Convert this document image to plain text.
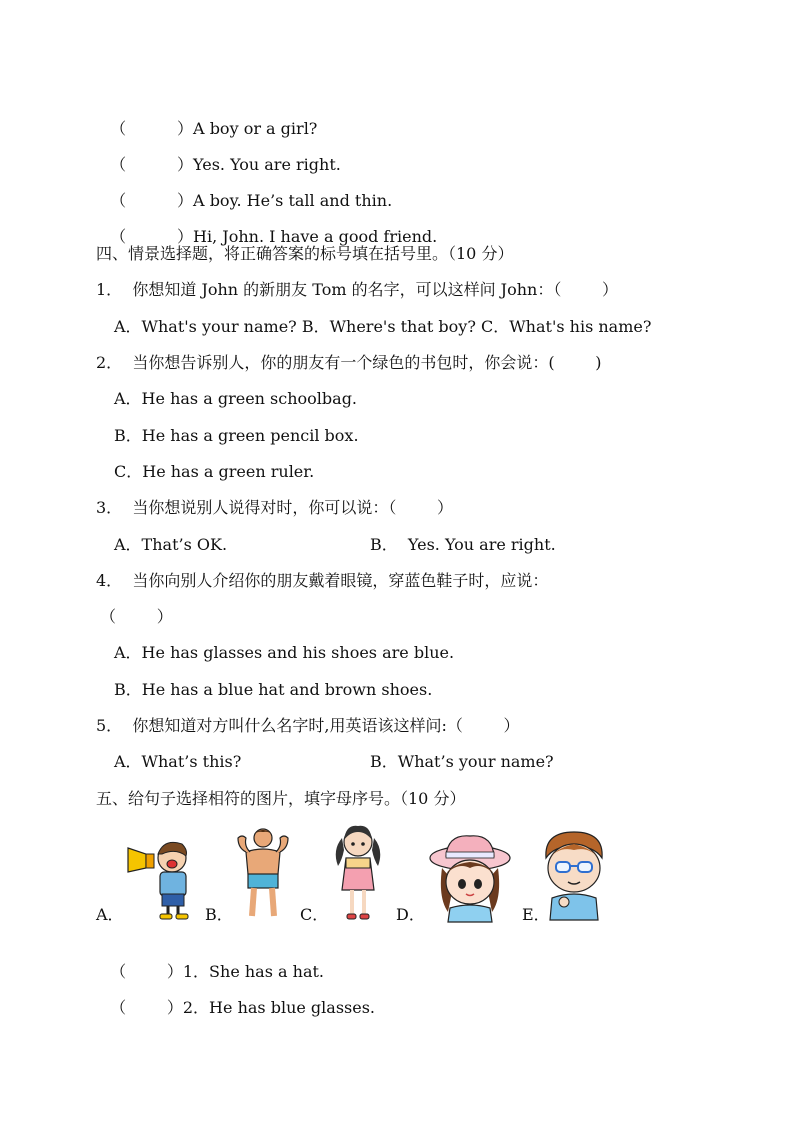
（          ）A boy or a girl?

（          ）Yes. You are right.

（          ）A boy. He’s tall and thin.

（          ）Hi, John. I have a good friend.

四、情景选择题，将正确答案的标号填在括号里。（10 分）
1．  你想知道 John 的新朋友 Tom 的名字，可以这样问 John：（        ）
A．What's your name? B．Where's that boy? C．What's his name?
2．  当你想告诉别人，你的朋友有一个绿色的书包时，你会说：(        )
A．He has a green schoolbag.
B．He has a green pencil box.
C．He has a green ruler.
3．  当你想说别人说得对时，你可以说：（        ）
A．That’s OK.	B．  Yes. You are right.
4．  当你向别人介绍你的朋友戴着眼镜，穿蓝色鞋子时，应说：
（        ）
A．He has glasses and his shoes are blue.
B．He has a blue hat and brown shoes.
5．  你想知道对方叫什么名字时,用英语该这样问:（        ）
A．What’s this?	B．What’s your name?
五、给句子选择相符的图片，填字母序号。（10 分）
A．	B．	C．	D．	E．

（        ）1．She has a hat.

（        ）2．He has blue glasses.
